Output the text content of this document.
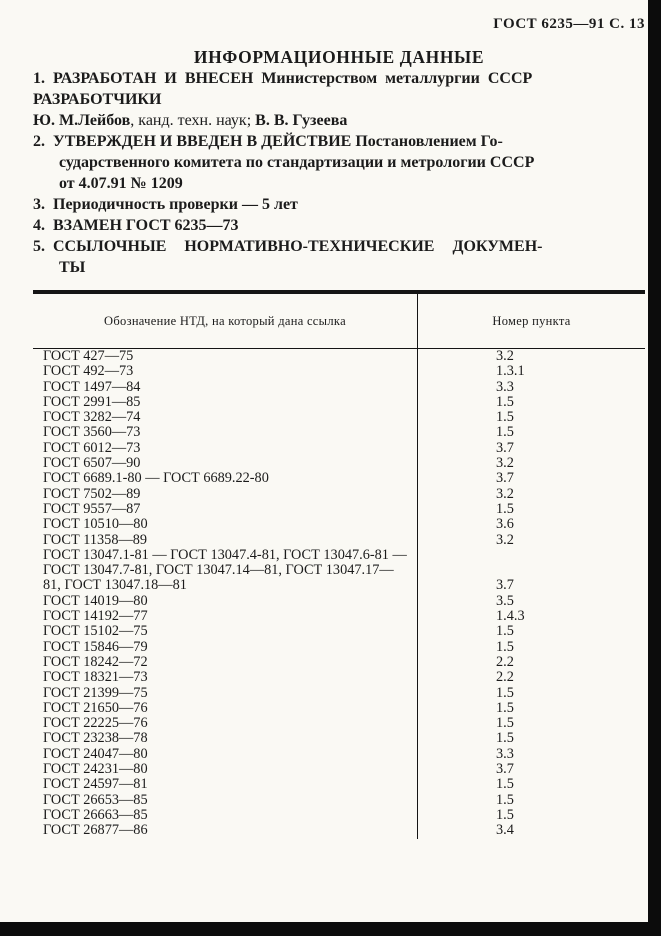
ГОСТ 6235—91 С. 13
ИНФОРМАЦИОННЫЕ ДАННЫЕ

1. РАЗРАБОТАН И ВНЕСЕН Министерством металлургии СССР

РАЗРАБОТЧИКИ

Ю. М.Лейбов, канд. техн. наук; В. В. Гузеева

2. УТВЕРЖДЕН И ВВЕДЕН В ДЕЙСТВИЕ Постановлением Го-
сударственного комитета по стандартизации и метрологии СССР
от 4.07.91 № 1209

3. Периодичность проверки — 5 лет

4. ВЗАМЕН ГОСТ 6235—73

5. ССЫЛОЧНЫЕ НОРМАТИВНО-ТЕХНИЧЕСКИЕ ДОКУМЕН-
ТЫ

Обозначение НТД, на который дана ссылка	Номер пункта
ГОСТ 427—75	3.2
ГОСТ 492—73	1.3.1
ГОСТ 1497—84	3.3
ГОСТ 2991—85	1.5
ГОСТ 3282—74	1.5
ГОСТ 3560—73	1.5
ГОСТ 6012—73	3.7
ГОСТ 6507—90	3.2
ГОСТ 6689.1-80 — ГОСТ 6689.22-80	3.7
ГОСТ 7502—89	3.2
ГОСТ 9557—87	1.5
ГОСТ 10510—80	3.6
ГОСТ 11358—89	3.2
ГОСТ 13047.1-81 — ГОСТ 13047.4-81, ГОСТ 13047.6-81 — ГОСТ 13047.7-81, ГОСТ 13047.14—81, ГОСТ 13047.17—81, ГОСТ 13047.18—81	3.7
ГОСТ 14019—80	3.5
ГОСТ 14192—77	1.4.3
ГОСТ 15102—75	1.5
ГОСТ 15846—79	1.5
ГОСТ 18242—72	2.2
ГОСТ 18321—73	2.2
ГОСТ 21399—75	1.5
ГОСТ 21650—76	1.5
ГОСТ 22225—76	1.5
ГОСТ 23238—78	1.5
ГОСТ 24047—80	3.3
ГОСТ 24231—80	3.7
ГОСТ 24597—81	1.5
ГОСТ 26653—85	1.5
ГОСТ 26663—85	1.5
ГОСТ 26877—86	3.4
